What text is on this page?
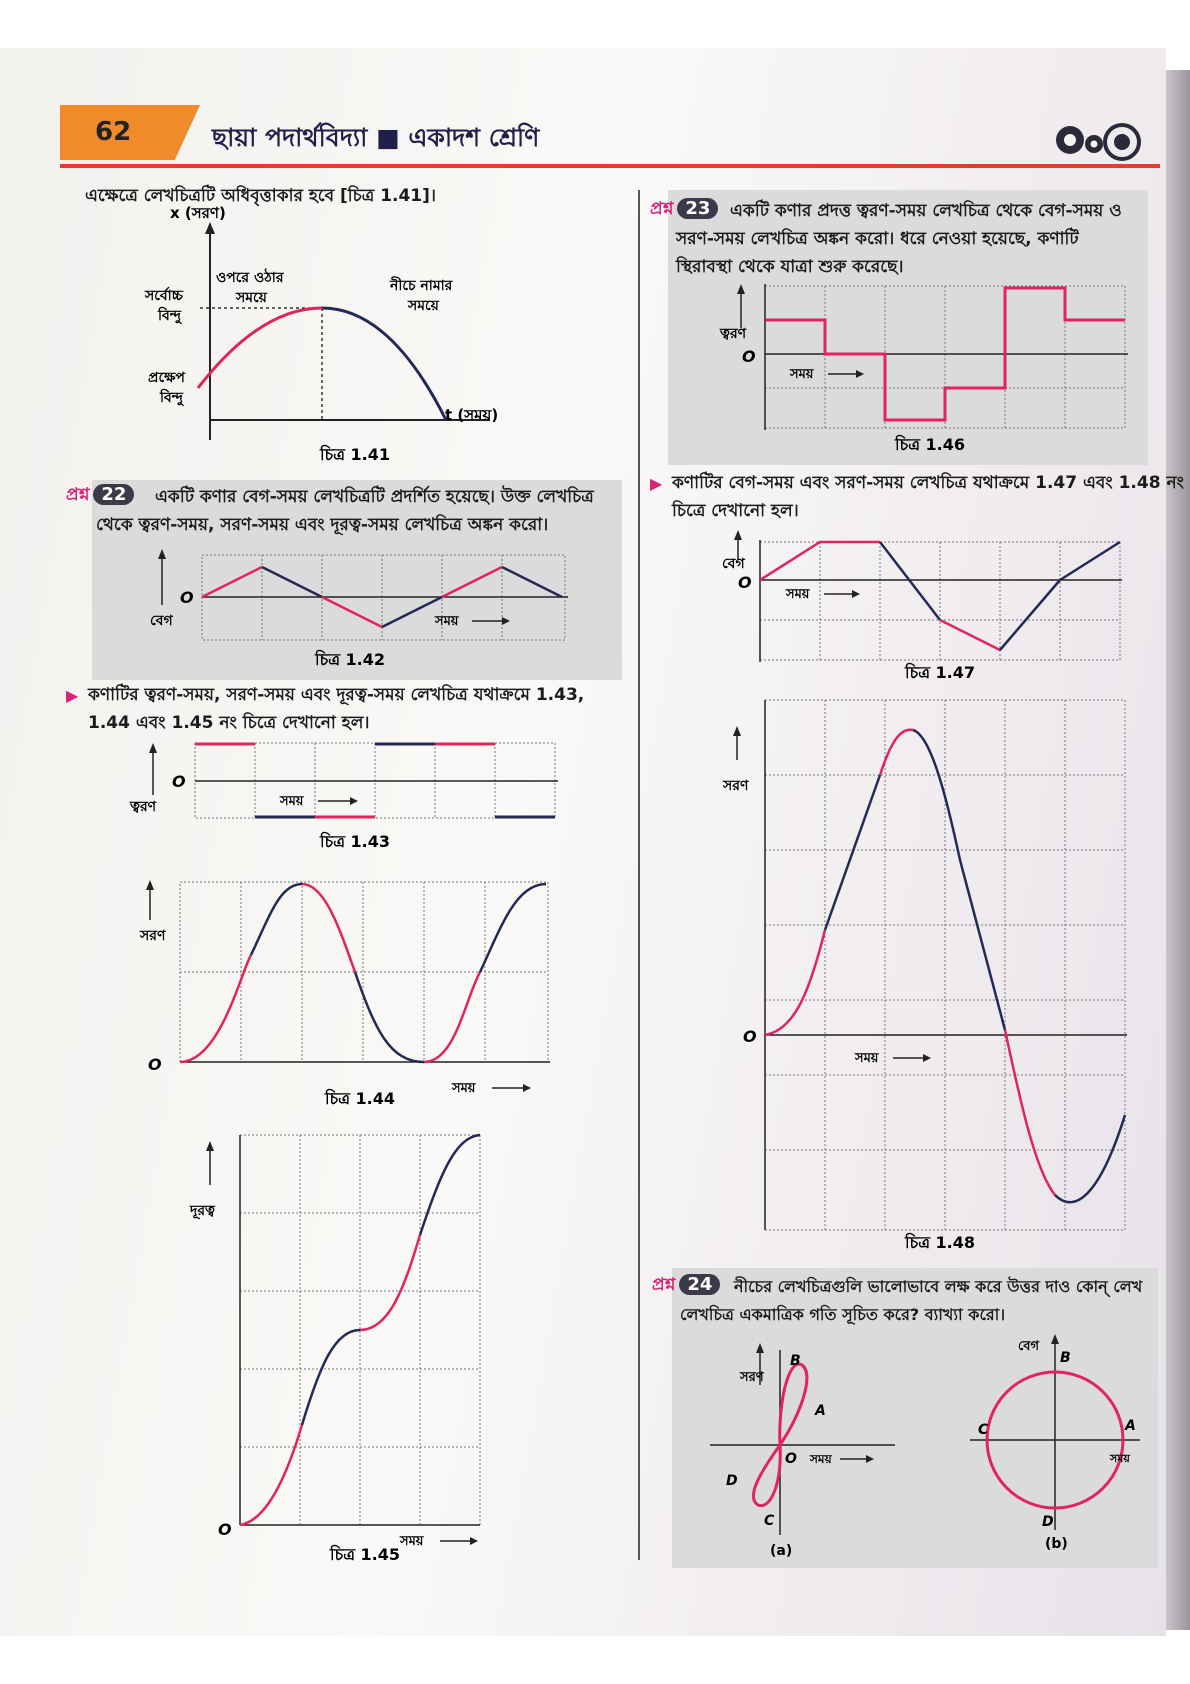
62	ছায়া পদার্থবিদ্যা ■ একাদশ শ্রেণি
এক্ষেত্রে লেখচিত্রটি অধিবৃত্তাকার হবে [চিত্র 1.41]।
x (সরণ)
t (সময়)
সর্বোচ্চ
বিন্দু
প্রক্ষেপ
বিন্দু
ওপরে ওঠার
সময়ে
নীচে নামার
সময়ে
চিত্র 1.41
প্রশ্ন 22	একটি কণার বেগ-সময় লেখচিত্রটি প্রদর্শিত হয়েছে। উক্ত লেখচিত্র
থেকে ত্বরণ-সময়, সরণ-সময় এবং দূরত্ব-সময় লেখচিত্র অঙ্কন করো।
O
বেগ	সময়
চিত্র 1.42
▶ কণাটির ত্বরণ-সময়, সরণ-সময় এবং দূরত্ব-সময় লেখচিত্র যথাক্রমে 1.43,
1.44 এবং 1.45 নং চিত্রে দেখানো হল।
O
ত্বরণ	সময়
চিত্র 1.43
O
সরণ
সময়
চিত্র 1.44
O
দূরত্ব
সময়
চিত্র 1.45
প্রশ্ন 23	একটি কণার প্রদত্ত ত্বরণ-সময় লেখচিত্র থেকে বেগ-সময় ও
সরণ-সময় লেখচিত্র অঙ্কন করো। ধরে নেওয়া হয়েছে, কণাটি
স্থিরাবস্থা থেকে যাত্রা শুরু করেছে।
ত্বরণ
O
সময়
চিত্র 1.46
▶ কণাটির বেগ-সময় এবং সরণ-সময় লেখচিত্র যথাক্রমে 1.47 এবং 1.48 নং
চিত্রে দেখানো হল।
বেগ
O
সময়
চিত্র 1.47
সরণ
O
সময়
চিত্র 1.48
প্রশ্ন 24	নীচের লেখচিত্রগুলি ভালোভাবে লক্ষ করে উত্তর দাও কোন্ লেখ
লেখচিত্র একমাত্রিক গতি সূচিত করে? ব্যাখ্যা করো।
সরণ
O সময়
A
B
C
D
(a)
বেগ
সময়
A
B
C
D
(b)
